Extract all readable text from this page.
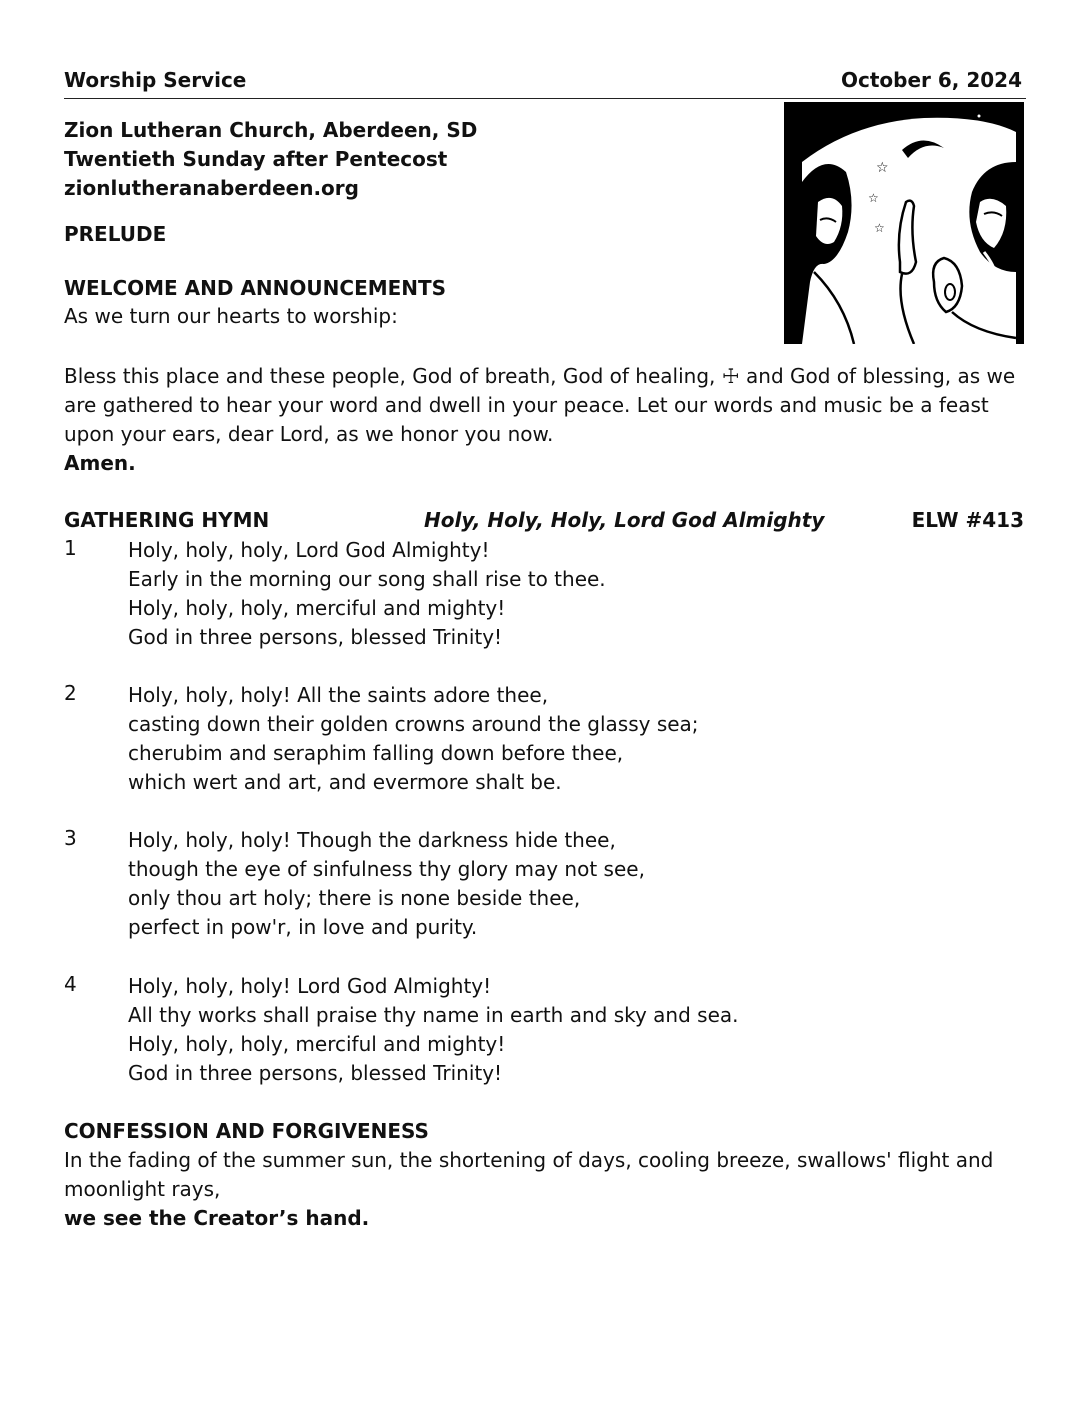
Worship Service	October 6, 2024
Zion Lutheran Church, Aberdeen, SD
Twentieth Sunday after Pentecost
zionlutheranaberdeen.org
☆
☆
☆
PRELUDE
WELCOME AND ANNOUNCEMENTS
As we turn our hearts to worship:
Bless this place and these people, God of breath, God of healing, ☩ and God of blessing, as we are gathered to hear your word and dwell in your peace. Let our words and music be a feast upon your ears, dear Lord, as we honor you now.
Amen.
GATHERING HYMN	Holy, Holy, Holy, Lord God Almighty	ELW #413
1	Holy, holy, holy, Lord God Almighty!
Early in the morning our song shall rise to thee.
Holy, holy, holy, merciful and mighty!
God in three persons, blessed Trinity!
2	Holy, holy, holy! All the saints adore thee,
casting down their golden crowns around the glassy sea;
cherubim and seraphim falling down before thee,
which wert and art, and evermore shalt be.
3	Holy, holy, holy! Though the darkness hide thee,
though the eye of sinfulness thy glory may not see,
only thou art holy; there is none beside thee,
perfect in pow'r, in love and purity.
4	Holy, holy, holy! Lord God Almighty!
All thy works shall praise thy name in earth and sky and sea.
Holy, holy, holy, merciful and mighty!
God in three persons, blessed Trinity!
CONFESSION AND FORGIVENESS
In the fading of the summer sun, the shortening of days, cooling breeze, swallows' flight and moonlight rays,
we see the Creator’s hand.
